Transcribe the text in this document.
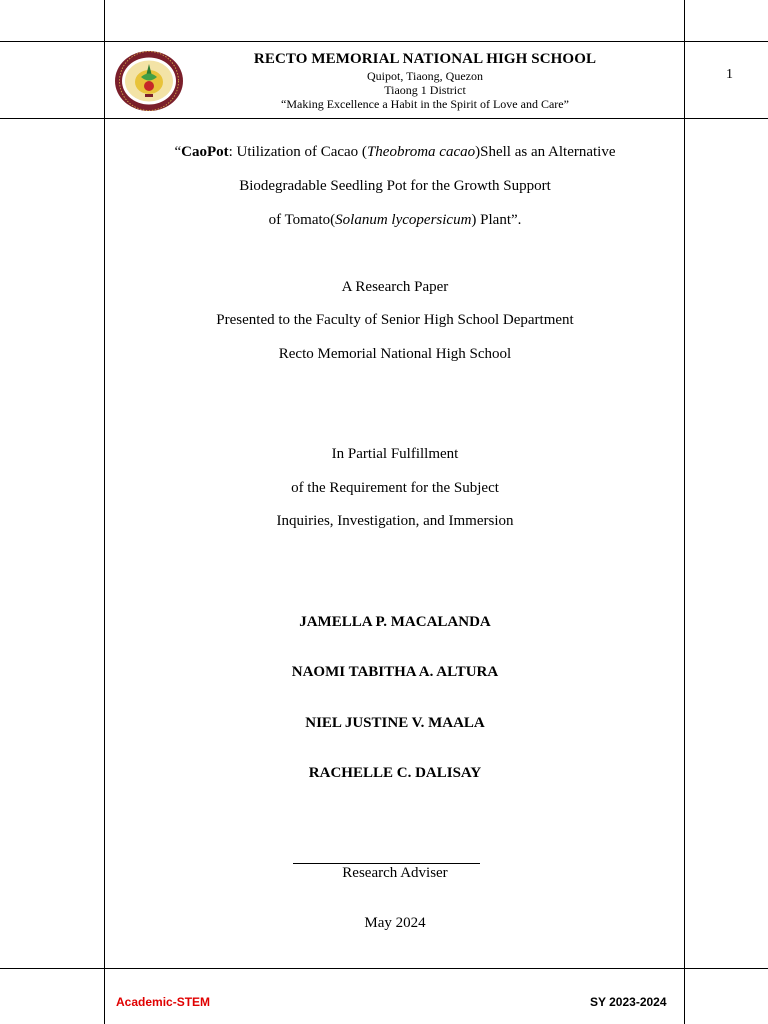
RECTO MEMORIAL NATIONAL HIGH SCHOOL
Quipot, Tiaong, Quezon
Tiaong 1 District
“Making Excellence a Habit in the Spirit of Love and Care”
1
“CaoPot: Utilization of Cacao (Theobroma cacao)Shell as an Alternative
Biodegradable Seedling Pot for the Growth Support
of Tomato(Solanum lycopersicum) Plant”.
A Research Paper
Presented to the Faculty of Senior High School Department
Recto Memorial National High School
In Partial Fulfillment
of the Requirement for the Subject
Inquiries, Investigation, and Immersion
JAMELLA P. MACALANDA
NAOMI TABITHA A. ALTURA
NIEL JUSTINE V. MAALA
RACHELLE C. DALISAY
Research Adviser
May 2024
Academic-STEM	SY 2023-2024
